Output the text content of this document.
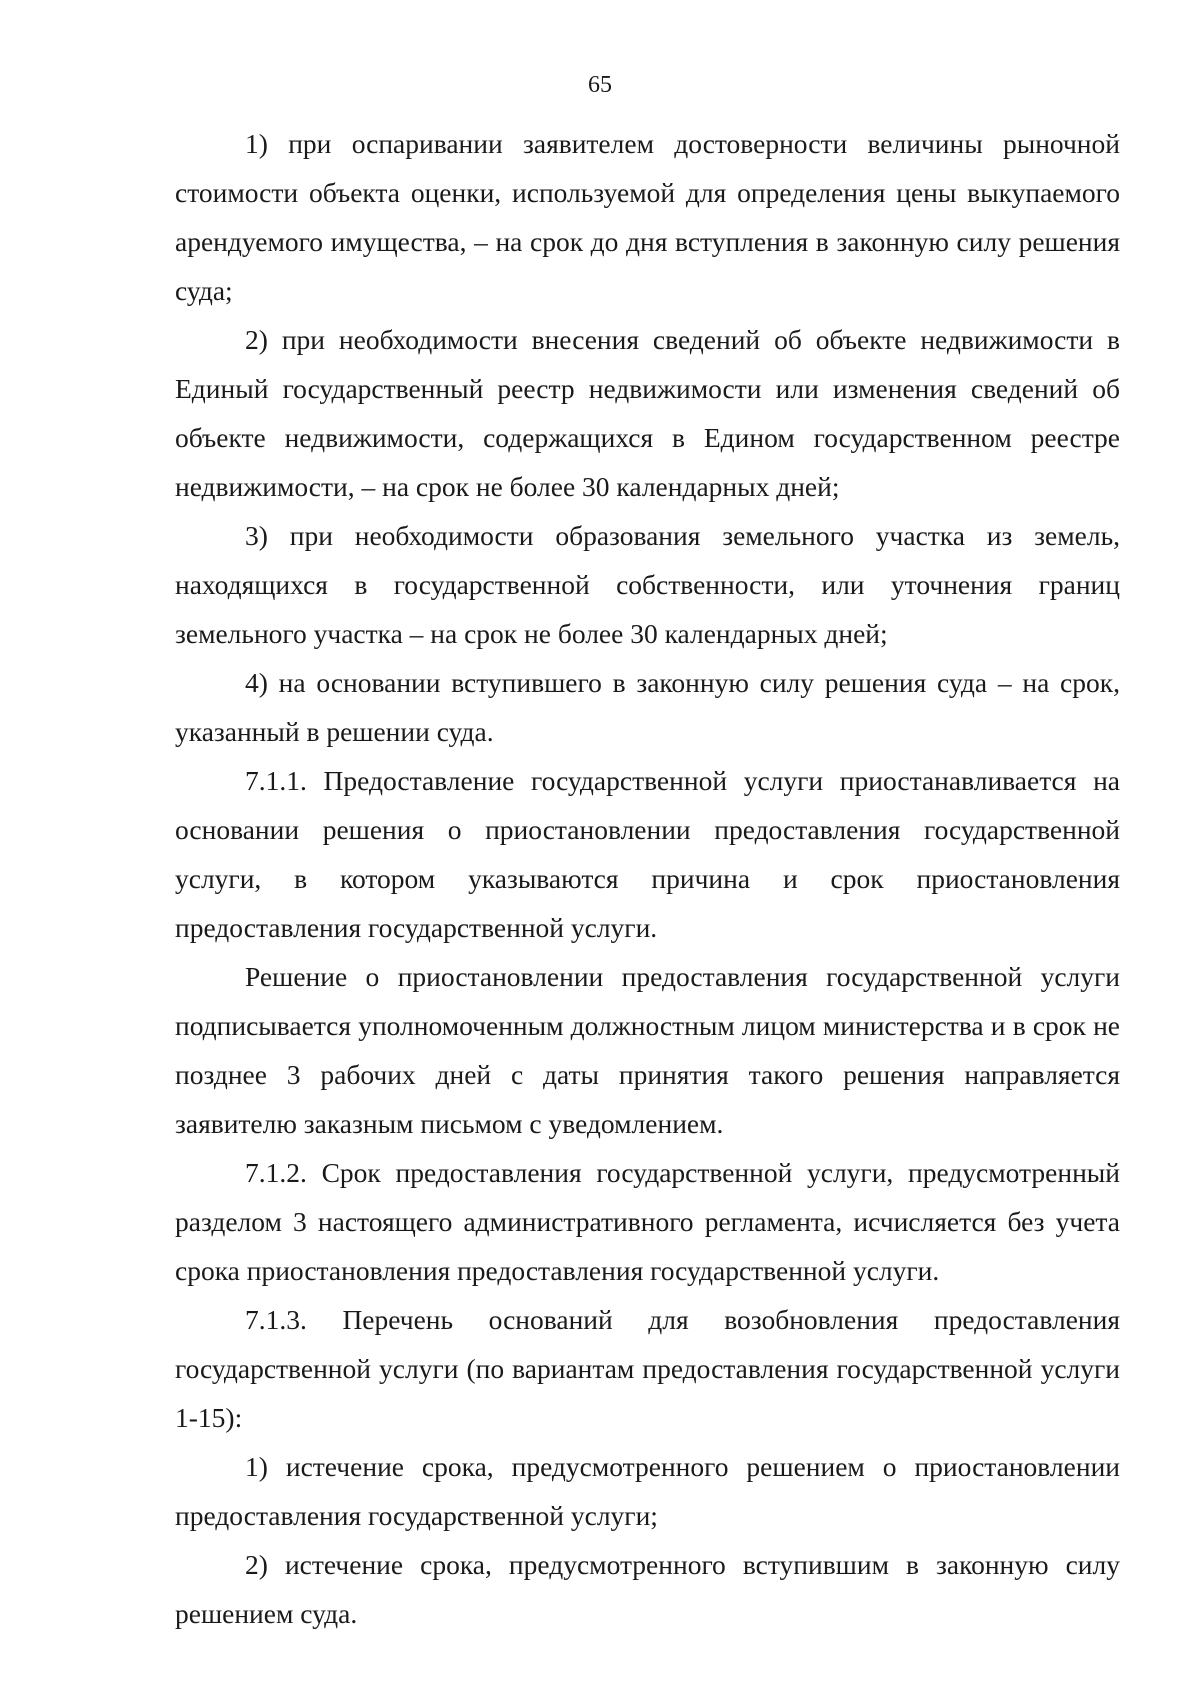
65

1) при оспаривании заявителем достоверности величины рыночной стоимости объекта оценки, используемой для определения цены выкупаемого арендуемого имущества, – на срок до дня вступления в законную силу решения суда;

2) при необходимости внесения сведений об объекте недвижимости в Единый государственный реестр недвижимости или изменения сведений об объекте недвижимости, содержащихся в Едином государственном реестре недвижимости, – на срок не более 30 календарных дней;

3) при необходимости образования земельного участка из земель, находящихся в государственной собственности, или уточнения границ земельного участка – на срок не более 30 календарных дней;

4) на основании вступившего в законную силу решения суда – на срок, указанный в решении суда.

7.1.1. Предоставление государственной услуги приостанавливается на основании решения о приостановлении предоставления государственной услуги, в котором указываются причина и срок приостановления предоставления государственной услуги.

Решение о приостановлении предоставления государственной услуги подписывается уполномоченным должностным лицом министерства и в срок не позднее 3 рабочих дней с даты принятия такого решения направляется заявителю заказным письмом с уведомлением.

7.1.2. Срок предоставления государственной услуги, предусмотренный разделом 3 настоящего административного регламента, исчисляется без учета срока приостановления предоставления государственной услуги.

7.1.3. Перечень оснований для возобновления предоставления государственной услуги (по вариантам предоставления государственной услуги 1-15):

1) истечение срока, предусмотренного решением о приостановлении предоставления государственной услуги;

2) истечение срока, предусмотренного вступившим в законную силу решением суда.
